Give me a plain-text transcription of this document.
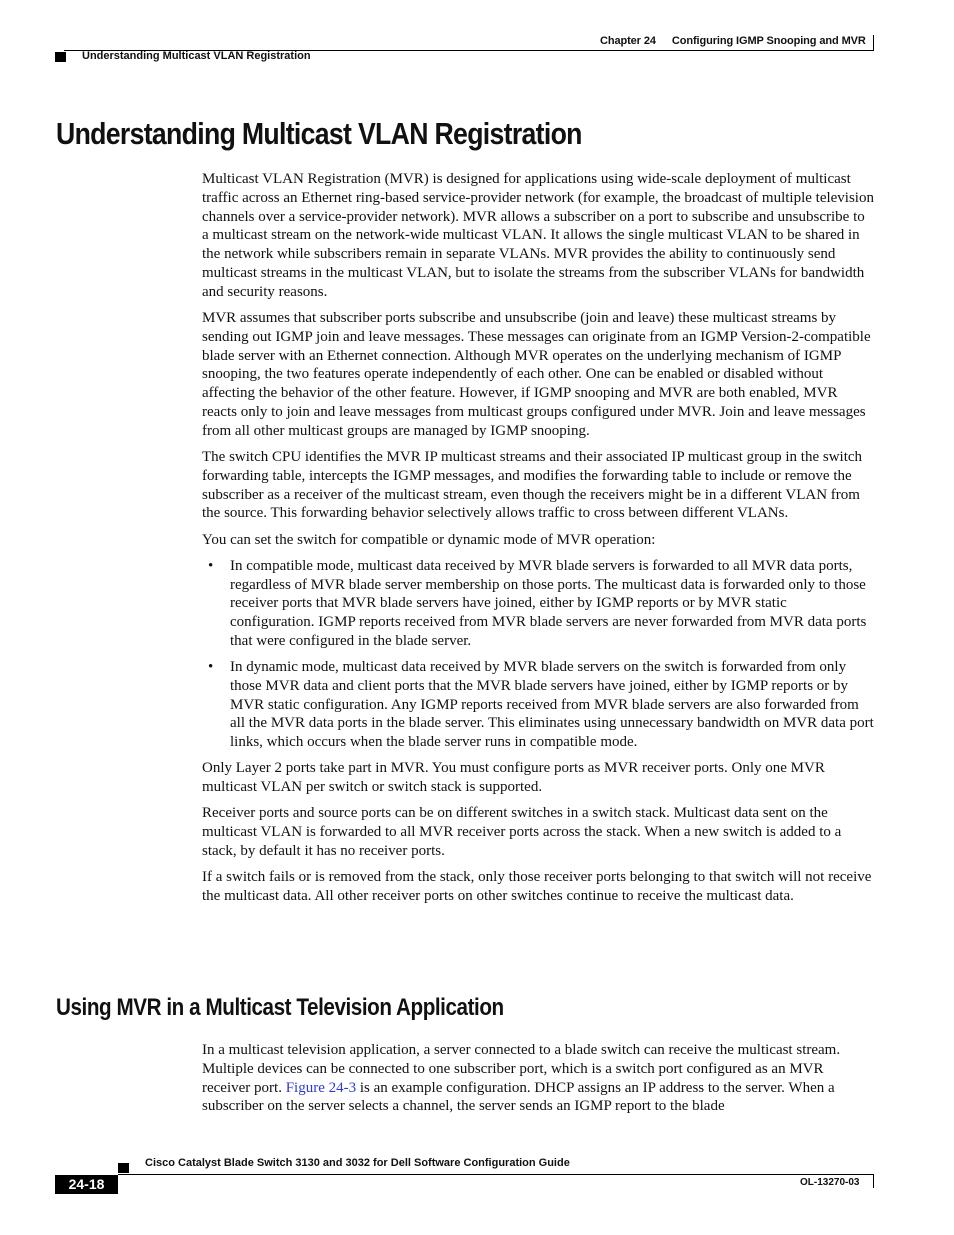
Chapter 24 Configuring IGMP Snooping and MVR
Understanding Multicast VLAN Registration
Understanding Multicast VLAN Registration

Multicast VLAN Registration (MVR) is designed for applications using wide-scale deployment of multicast traffic across an Ethernet ring-based service-provider network (for example, the broadcast of multiple television channels over a service-provider network). MVR allows a subscriber on a port to subscribe and unsubscribe to a multicast stream on the network-wide multicast VLAN. It allows the single multicast VLAN to be shared in the network while subscribers remain in separate VLANs. MVR provides the ability to continuously send multicast streams in the multicast VLAN, but to isolate the streams from the subscriber VLANs for bandwidth and security reasons.

MVR assumes that subscriber ports subscribe and unsubscribe (join and leave) these multicast streams by sending out IGMP join and leave messages. These messages can originate from an IGMP Version-2-compatible blade server with an Ethernet connection. Although MVR operates on the underlying mechanism of IGMP snooping, the two features operate independently of each other. One can be enabled or disabled without affecting the behavior of the other feature. However, if IGMP snooping and MVR are both enabled, MVR reacts only to join and leave messages from multicast groups configured under MVR. Join and leave messages from all other multicast groups are managed by IGMP snooping.

The switch CPU identifies the MVR IP multicast streams and their associated IP multicast group in the switch forwarding table, intercepts the IGMP messages, and modifies the forwarding table to include or remove the subscriber as a receiver of the multicast stream, even though the receivers might be in a different VLAN from the source. This forwarding behavior selectively allows traffic to cross between different VLANs.

You can set the switch for compatible or dynamic mode of MVR operation:

• In compatible mode, multicast data received by MVR blade servers is forwarded to all MVR data ports, regardless of MVR blade server membership on those ports. The multicast data is forwarded only to those receiver ports that MVR blade servers have joined, either by IGMP reports or by MVR static configuration. IGMP reports received from MVR blade servers are never forwarded from MVR data ports that were configured in the blade server.
• In dynamic mode, multicast data received by MVR blade servers on the switch is forwarded from only those MVR data and client ports that the MVR blade servers have joined, either by IGMP reports or by MVR static configuration. Any IGMP reports received from MVR blade servers are also forwarded from all the MVR data ports in the blade server. This eliminates using unnecessary bandwidth on MVR data port links, which occurs when the blade server runs in compatible mode.

Only Layer 2 ports take part in MVR. You must configure ports as MVR receiver ports. Only one MVR multicast VLAN per switch or switch stack is supported.

Receiver ports and source ports can be on different switches in a switch stack. Multicast data sent on the multicast VLAN is forwarded to all MVR receiver ports across the stack. When a new switch is added to a stack, by default it has no receiver ports.

If a switch fails or is removed from the stack, only those receiver ports belonging to that switch will not receive the multicast data. All other receiver ports on other switches continue to receive the multicast data.

Using MVR in a Multicast Television Application

In a multicast television application, a server connected to a blade switch can receive the multicast stream. Multiple devices can be connected to one subscriber port, which is a switch port configured as an MVR receiver port. Figure 24-3 is an example configuration. DHCP assigns an IP address to the server. When a subscriber on the server selects a channel, the server sends an IGMP report to the blade

Cisco Catalyst Blade Switch 3130 and 3032 for Dell Software Configuration Guide
24-18	OL-13270-03
